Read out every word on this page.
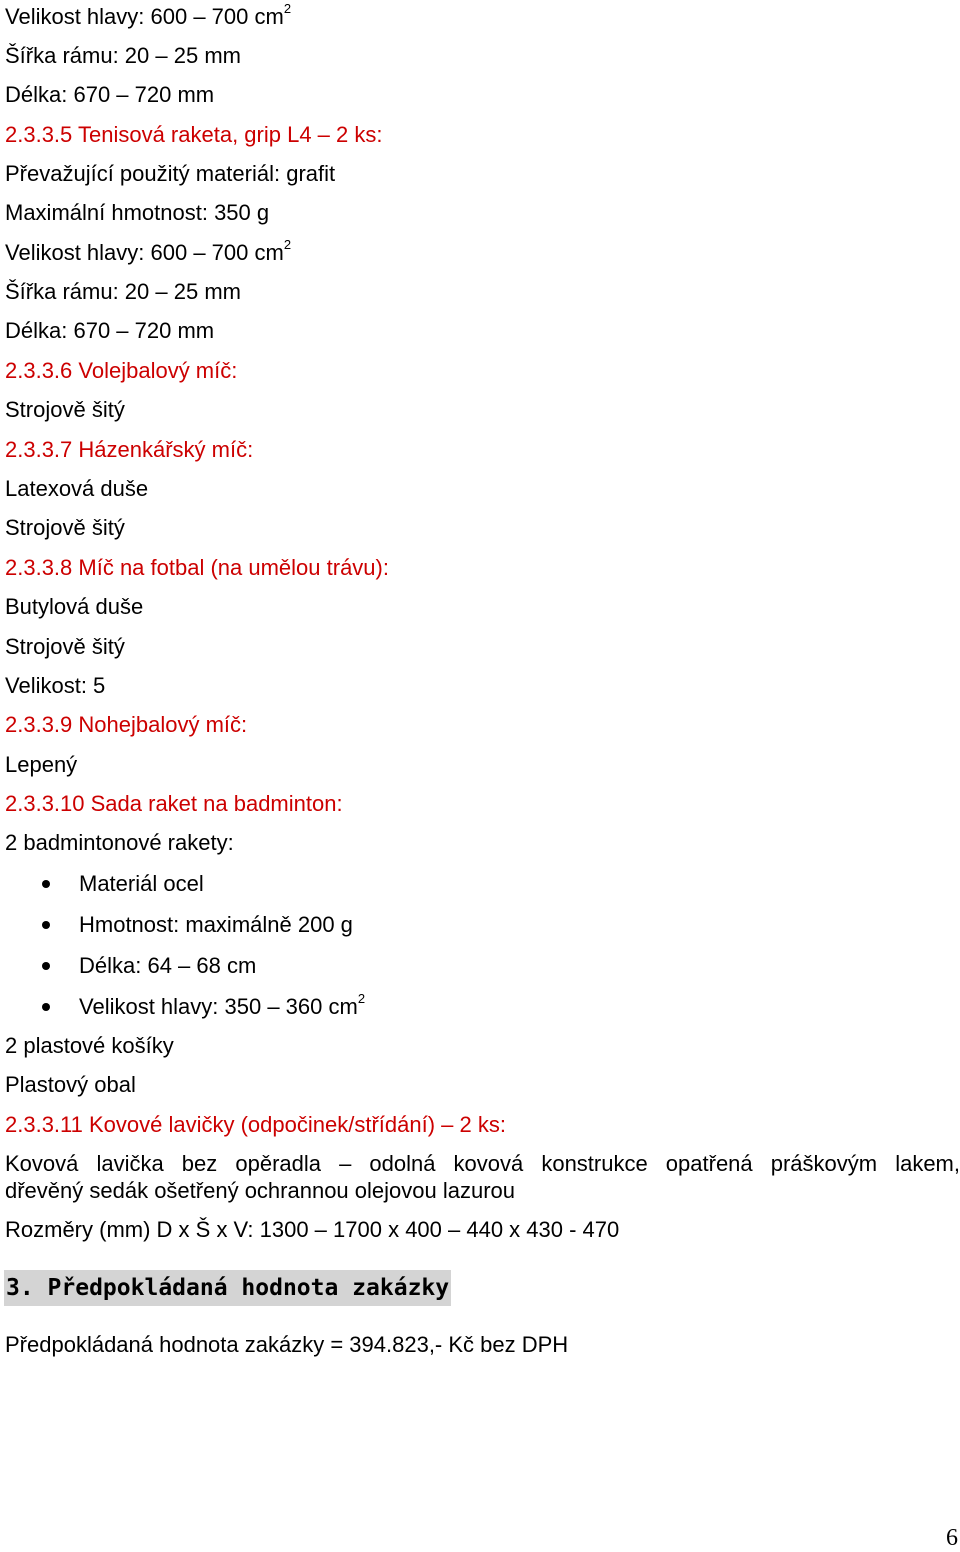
Velikost hlavy: 600 – 700 $cm^2$
Šířka rámu: 20 – 25 mm
Délka: 670 – 720 mm
2.3.3.5 Tenisová raketa, grip L4 – 2 ks:
Převažující použitý materiál: grafit
Maximální hmotnost: 350 g
Velikost hlavy: 600 – 700 $cm^2$
Šířka rámu: 20 – 25 mm
Délka: 670 – 720 mm
2.3.3.6 Volejbalový míč:
Strojově šitý
2.3.3.7 Házenkářský míč:
Latexová duše
Strojově šitý
2.3.3.8 Míč na fotbal (na umělou trávu):
Butylová duše
Strojově šitý
Velikost: 5
2.3.3.9 Nohejbalový míč:
Lepený
2.3.3.10 Sada raket na badminton:
2 badmintonové rakety:
Materiál ocel
Hmotnost: maximálně 200 g
Délka: 64 – 68 cm
Velikost hlavy: 350 – 360 $cm^2$
2 plastové košíky
Plastový obal
2.3.3.11 Kovové lavičky (odpočinek/střídání) – 2 ks:
Kovová lavička bez opěradla – odolná kovová konstrukce opatřená práškovým lakem,
dřevěný sedák ošetřený ochrannou olejovou lazurou
Rozměry (mm) D x Š x V: 1300 – 1700 x 400 – 440 x 430 - 470
3. Předpokládaná hodnota zakázky
Předpokládaná hodnota zakázky = 394.823,- Kč bez DPH
6
